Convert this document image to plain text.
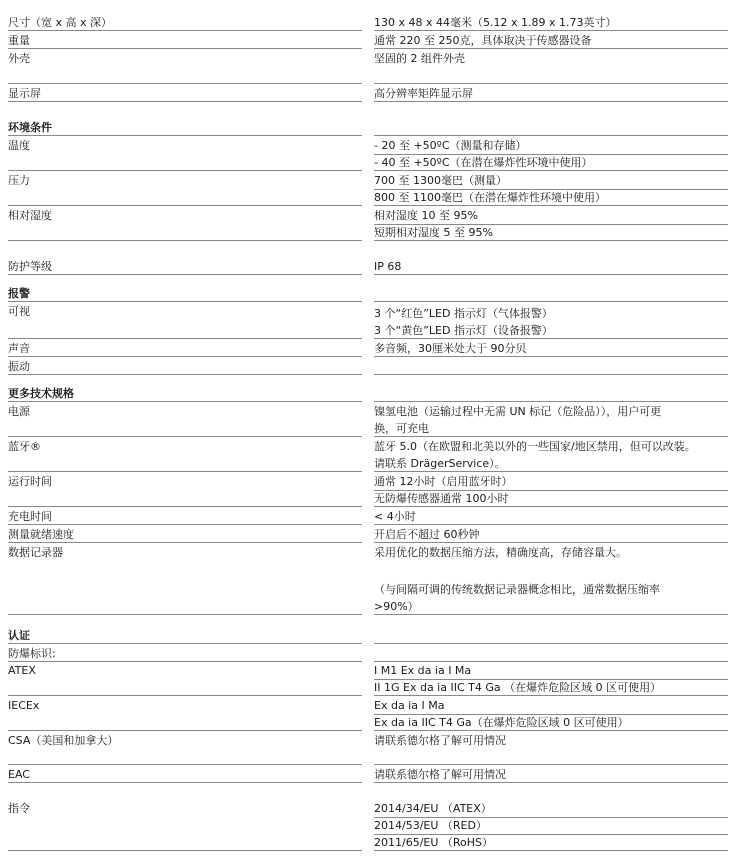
尺寸（宽 x 高 x 深）	130 x 48 x 44毫米（5.12 x 1.89 x 1.73英寸）
重量	通常 220 至 250克，具体取决于传感器设备
外壳	坚固的 2 组件外壳
显示屏	高分辨率矩阵显示屏
环境条件
温度	- 20 至 +50ºC（测量和存储）
- 40 至 +50ºC（在潜在爆炸性环境中使用）
压力	700 至 1300毫巴（测量）
800 至 1100毫巴（在潜在爆炸性环境中使用）
相对湿度	相对湿度 10 至 95%
短期相对湿度 5 至 95%
防护等级	IP 68
报警
可视	3 个“红色”LED 指示灯（气体报警）
3 个“黄色”LED 指示灯（设备报警）
声音	多音频，30厘米处大于 90分贝
振动
更多技术规格
电源	镍氢电池（运输过程中无需 UN 标记（危险品）），用户可更
换，可充电
蓝牙®	蓝牙 5.0（在欧盟和北美以外的一些国家/地区禁用，但可以改装。
请联系 DrägerService）。
运行时间	通常 12小时（启用蓝牙时）
无防爆传感器通常 100小时
充电时间	< 4小时
测量就绪速度	开启后不超过 60秒钟
数据记录器	采用优化的数据压缩方法，精确度高，存储容量大。
（与间隔可调的传统数据记录器概念相比，通常数据压缩率
>90%）
认证
防爆标识:
ATEX	I M1 Ex da ia I Ma
II 1G Ex da ia IIC T4 Ga （在爆炸危险区域 0 区可使用）
IECEx	Ex da ia I Ma
Ex da ia IIC T4 Ga（在爆炸危险区域 0 区可使用）
CSA（美国和加拿大）	请联系德尔格了解可用情况
EAC	请联系德尔格了解可用情况
指令	2014/34/EU （ATEX）
2014/53/EU （RED）
2011/65/EU （RoHS）
